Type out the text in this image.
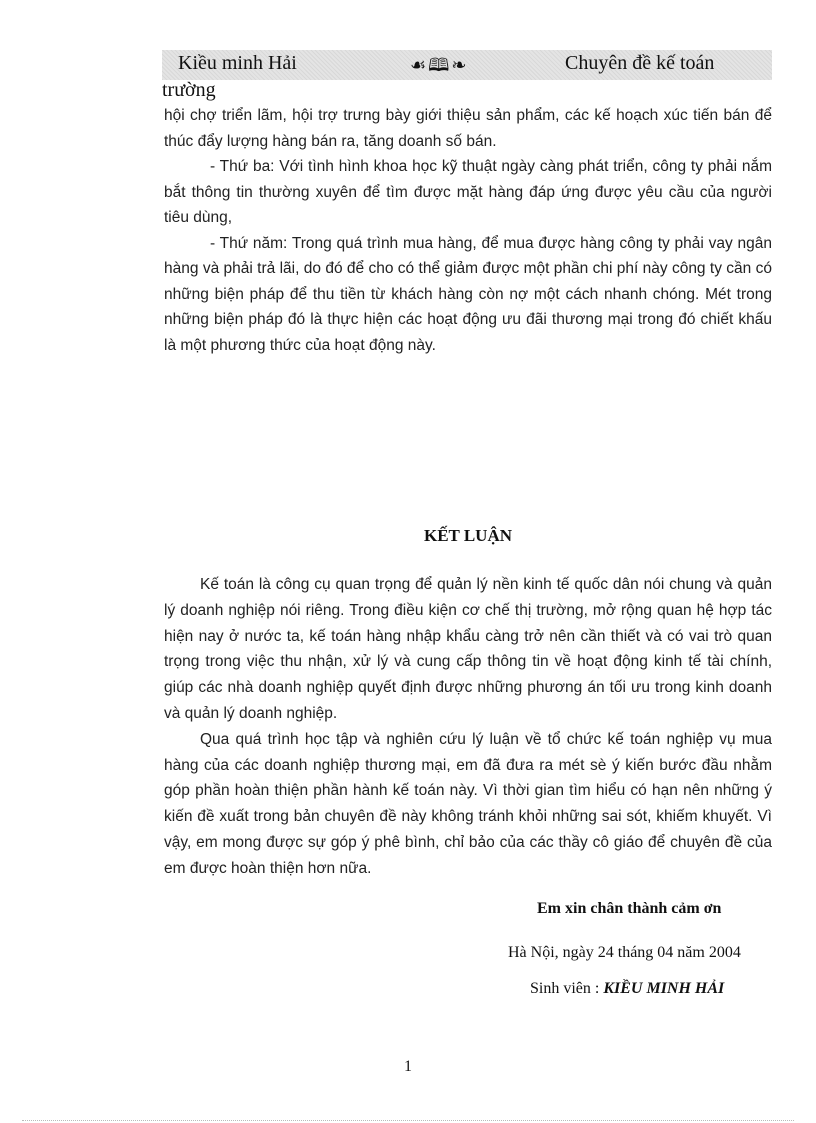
Kiều minh Hải	☙🕮❧	Chuyên đề kế toán
trường

hội chợ triển lãm, hội trợ trưng bày giới thiệu sản phẩm, các kế hoạch xúc tiến bán để thúc đẩy lượng hàng bán ra, tăng doanh số bán.

- Thứ ba: Với tình hình khoa học kỹ thuật ngày càng phát triển, công ty phải nắm bắt thông tin thường xuyên để tìm được mặt hàng đáp ứng được yêu cầu của người tiêu dùng,

- Thứ năm: Trong quá trình mua hàng, để mua được hàng công ty phải vay ngân hàng và phải trả lãi, do đó để cho có thể giảm được một phần chi phí này công ty cần có những biện pháp để thu tiền từ khách hàng còn nợ một cách nhanh chóng. Mét trong những biện pháp đó là thực hiện các hoạt động ưu đãi thương mại trong đó chiết khấu là một phương thức của hoạt động này.

KẾT LUẬN

Kế toán là công cụ quan trọng để quản lý nền kinh tế quốc dân nói chung và quản lý doanh nghiệp nói riêng. Trong điều kiện cơ chế thị trường, mở rộng quan hệ hợp tác hiện nay ở nước ta, kế toán hàng nhập khẩu càng trở nên cần thiết và có vai trò quan trọng trong việc thu nhận, xử lý và cung cấp thông tin về hoạt động kinh tế tài chính, giúp các nhà doanh nghiệp quyết định được những phương án tối ưu trong kinh doanh và quản lý doanh nghiệp.

Qua quá trình học tập và nghiên cứu lý luận về tổ chức kế toán nghiệp vụ mua hàng của các doanh nghiệp thương mại, em đã đưa ra mét sè ý kiến bước đầu nhằm góp phần hoàn thiện phần hành kế toán này. Vì thời gian tìm hiểu có hạn nên những ý kiến đề xuất trong bản chuyên đề này không tránh khỏi những sai sót, khiếm khuyết. Vì vậy, em mong được sự góp ý phê bình, chỉ bảo của các thầy cô giáo để chuyên đề của em được hoàn thiện hơn nữa.

Em xin chân thành cảm ơn
Hà Nội, ngày 24 tháng 04 năm 2004
Sinh viên : KIỀU MINH HẢI
1
